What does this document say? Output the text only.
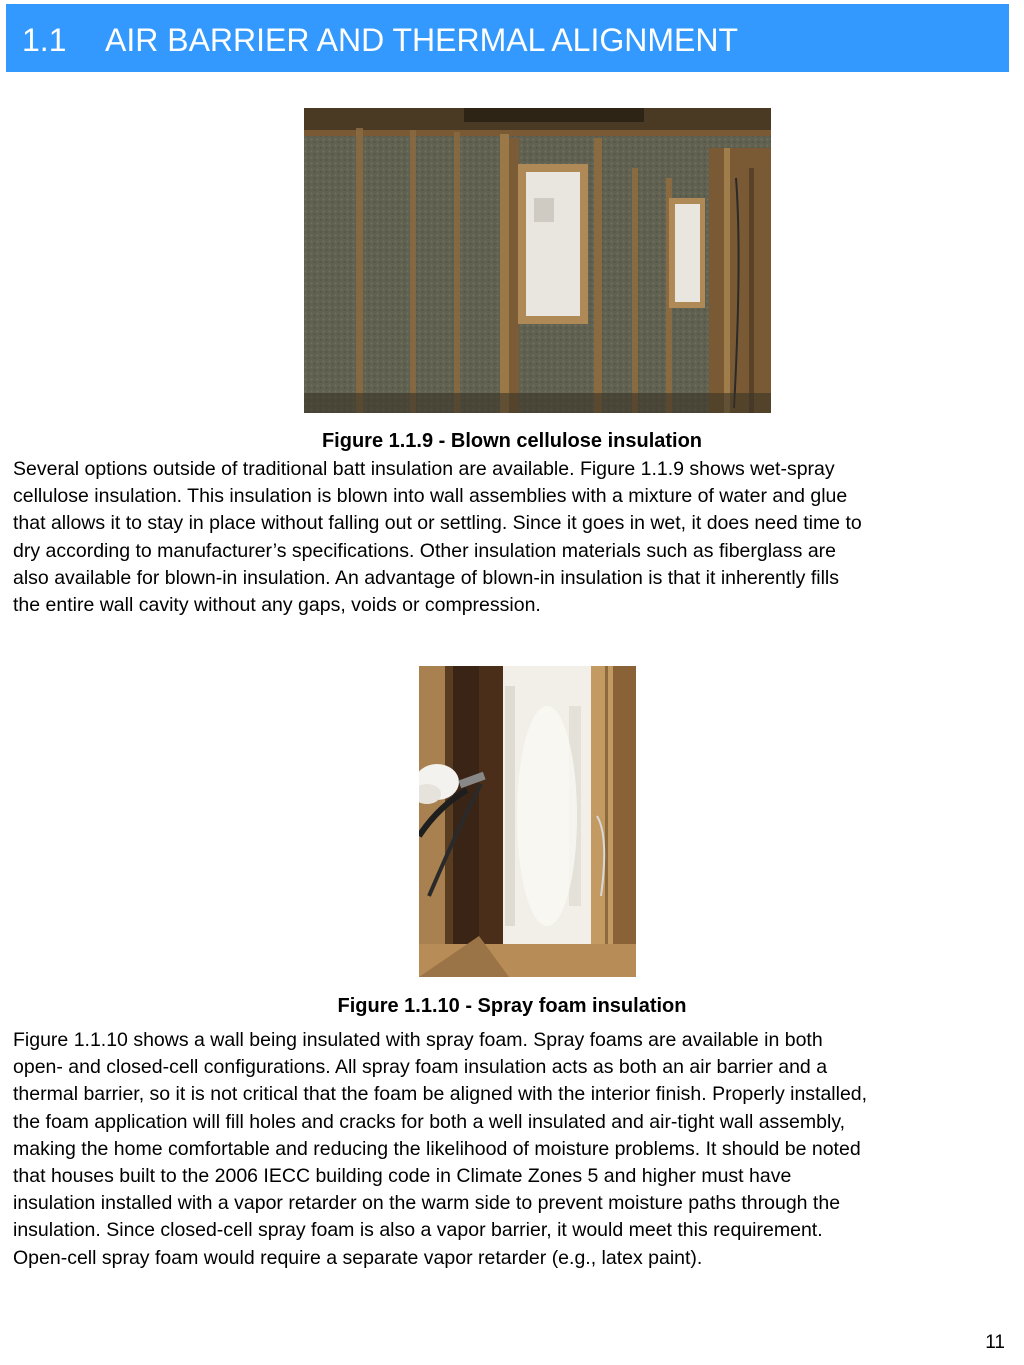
1.1 AIR BARRIER AND THERMAL ALIGNMENT
Figure 1.1.9 - Blown cellulose insulation
Several options outside of traditional batt insulation are available. Figure 1.1.9 shows wet-spray
cellulose insulation. This insulation is blown into wall assemblies with a mixture of water and glue
that allows it to stay in place without falling out or settling. Since it goes in wet, it does need time to
dry according to manufacturer’s specifications. Other insulation materials such as fiberglass are
also available for blown-in insulation. An advantage of blown-in insulation is that it inherently fills
the entire wall cavity without any gaps, voids or compression.
Figure 1.1.10 - Spray foam insulation
Figure 1.1.10 shows a wall being insulated with spray foam. Spray foams are available in both
open- and closed-cell configurations. All spray foam insulation acts as both an air barrier and a
thermal barrier, so it is not critical that the foam be aligned with the interior finish. Properly installed,
the foam application will fill holes and cracks for both a well insulated and air-tight wall assembly,
making the home comfortable and reducing the likelihood of moisture problems. It should be noted
that houses built to the 2006 IECC building code in Climate Zones 5 and higher must have
insulation installed with a vapor retarder on the warm side to prevent moisture paths through the
insulation. Since closed-cell spray foam is also a vapor barrier, it would meet this requirement.
Open-cell spray foam would require a separate vapor retarder (e.g., latex paint).
11
